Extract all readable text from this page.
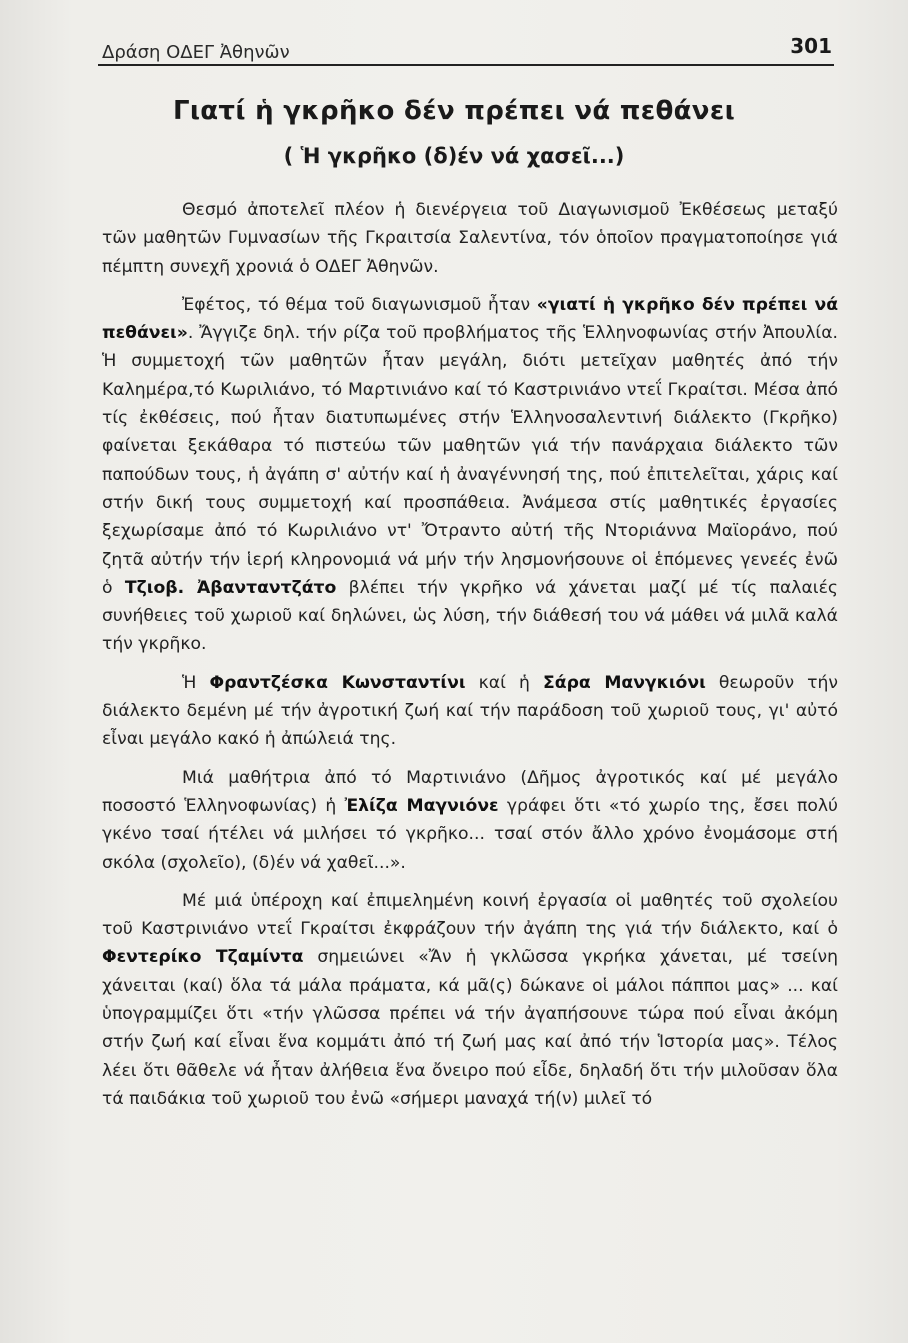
Δράση ΟΔΕΓ Ἀθηνῶν	301
Γιατί ἡ γκρῆκο δέν πρέπει νά πεθάνει
( Ἡ γκρῆκο (δ)έν νά χασεῖ...)

Θεσμό ἀποτελεῖ πλέον ἡ διενέργεια τοῦ Διαγωνισμοῦ Ἐκθέσεως μεταξύ τῶν μαθητῶν Γυμνασίων τῆς Γκραιτσία Σαλεντίνα, τόν ὁποῖον πραγματοποίησε γιά πέμπτη συνεχῆ χρονιά ὁ ΟΔΕΓ Ἀθηνῶν.

Ἐφέτος, τό θέμα τοῦ διαγωνισμοῦ ἦταν «γιατί ἡ γκρῆκο δέν πρέπει νά πεθάνει». Ἄγγιζε δηλ. τήν ρίζα τοῦ προβλήματος τῆς Ἑλληνοφωνίας στήν Ἀπουλία. Ἡ συμμετοχή τῶν μαθητῶν ἦταν μεγάλη, διότι μετεῖχαν μαθητές ἀπό τήν Καλημέρα,τό Κωριλιάνο, τό Μαρτινιάνο καί τό Καστρινιάνο ντεΐ Γκραίτσι. Μέσα ἀπό τίς ἐκθέσεις, πού ἦταν διατυπωμένες στήν Ἑλληνοσαλεντινή διάλεκτο (Γκρῆκο) φαίνεται ξεκάθαρα τό πιστεύω τῶν μαθητῶν γιά τήν πανάρχαια διάλεκτο τῶν παπούδων τους, ἡ ἀγάπη σ' αὐτήν καί ἡ ἀναγέννησή της, πού ἐπιτελεῖται, χάρις καί στήν δική τους συμμετοχή καί προσπάθεια. Ἀνάμεσα στίς μαθητικές ἐργασίες ξεχωρίσαμε ἀπό τό Κωριλιάνο ντ' Ὄτραντο αὐτή τῆς Ντοριάννα Μαϊοράνο, πού ζητᾶ αὐτήν τήν ἱερή κληρονομιά νά μήν τήν λησμονήσουνε οἱ ἑπόμενες γενεές ἐνῶ ὁ Τζιοβ. Ἀβανταντζάτο βλέπει τήν γκρῆκο νά χάνεται μαζί μέ τίς παλαιές συνήθειες τοῦ χωριοῦ καί δηλώνει, ὡς λύση, τήν διάθεσή του νά μάθει νά μιλᾶ καλά τήν γκρῆκο.

Ἡ Φραντζέσκα Κωνσταντίνι καί ἡ Σάρα Μανγκιόνι θεωροῦν τήν διάλεκτο δεμένη μέ τήν ἀγροτική ζωή καί τήν παράδοση τοῦ χωριοῦ τους, γι' αὐτό εἶναι μεγάλο κακό ἡ ἀπώλειά της.

Μιά μαθήτρια ἀπό τό Μαρτινιάνο (Δῆμος ἀγροτικός καί μέ μεγάλο ποσοστό Ἑλληνοφωνίας) ἡ Ἐλίζα Μαγνιόνε γράφει ὅτι «τό χωρίο της, ἔσει πολύ γκένο τσαί ήτέλει νά μιλήσει τό γκρῆκο... τσαί στόν ἄλλο χρόνο ἐνομάσομε στή σκόλα (σχολεῖο), (δ)έν νά χαθεῖ...».

Μέ μιά ὑπέροχη καί ἐπιμελημένη κοινή ἐργασία οἱ μαθητές τοῦ σχολείου τοῦ Καστρινιάνο ντεΐ Γκραίτσι ἐκφράζουν τήν ἀγάπη της γιά τήν διάλεκτο, καί ὁ Φεντερίκο Τζαμίντα σημειώνει «Ἄν ἡ γκλῶσσα γκρήκα χάνεται, μέ τσείνη χάνειται (καί) ὅλα τά μάλα πράματα, κά μᾶ(ς) δώκανε οἱ μάλοι πάπποι μας» ... καί ὑπογραμμίζει ὅτι «τήν γλῶσσα πρέπει νά τήν ἀγαπήσουνε τώρα πού εἶναι ἀκόμη στήν ζωή καί εἶναι ἕνα κομμάτι ἀπό τή ζωή μας καί ἀπό τήν Ἱστορία μας». Τέλος λέει ὅτι θᾶθελε νά ἦταν ἀλήθεια ἕνα ὄνειρο πού εἶδε, δηλαδή ὅτι τήν μιλοῦσαν ὅλα τά παιδάκια τοῦ χωριοῦ του ἐνῶ «σήμερι μαναχά τή(ν) μιλεῖ τό
